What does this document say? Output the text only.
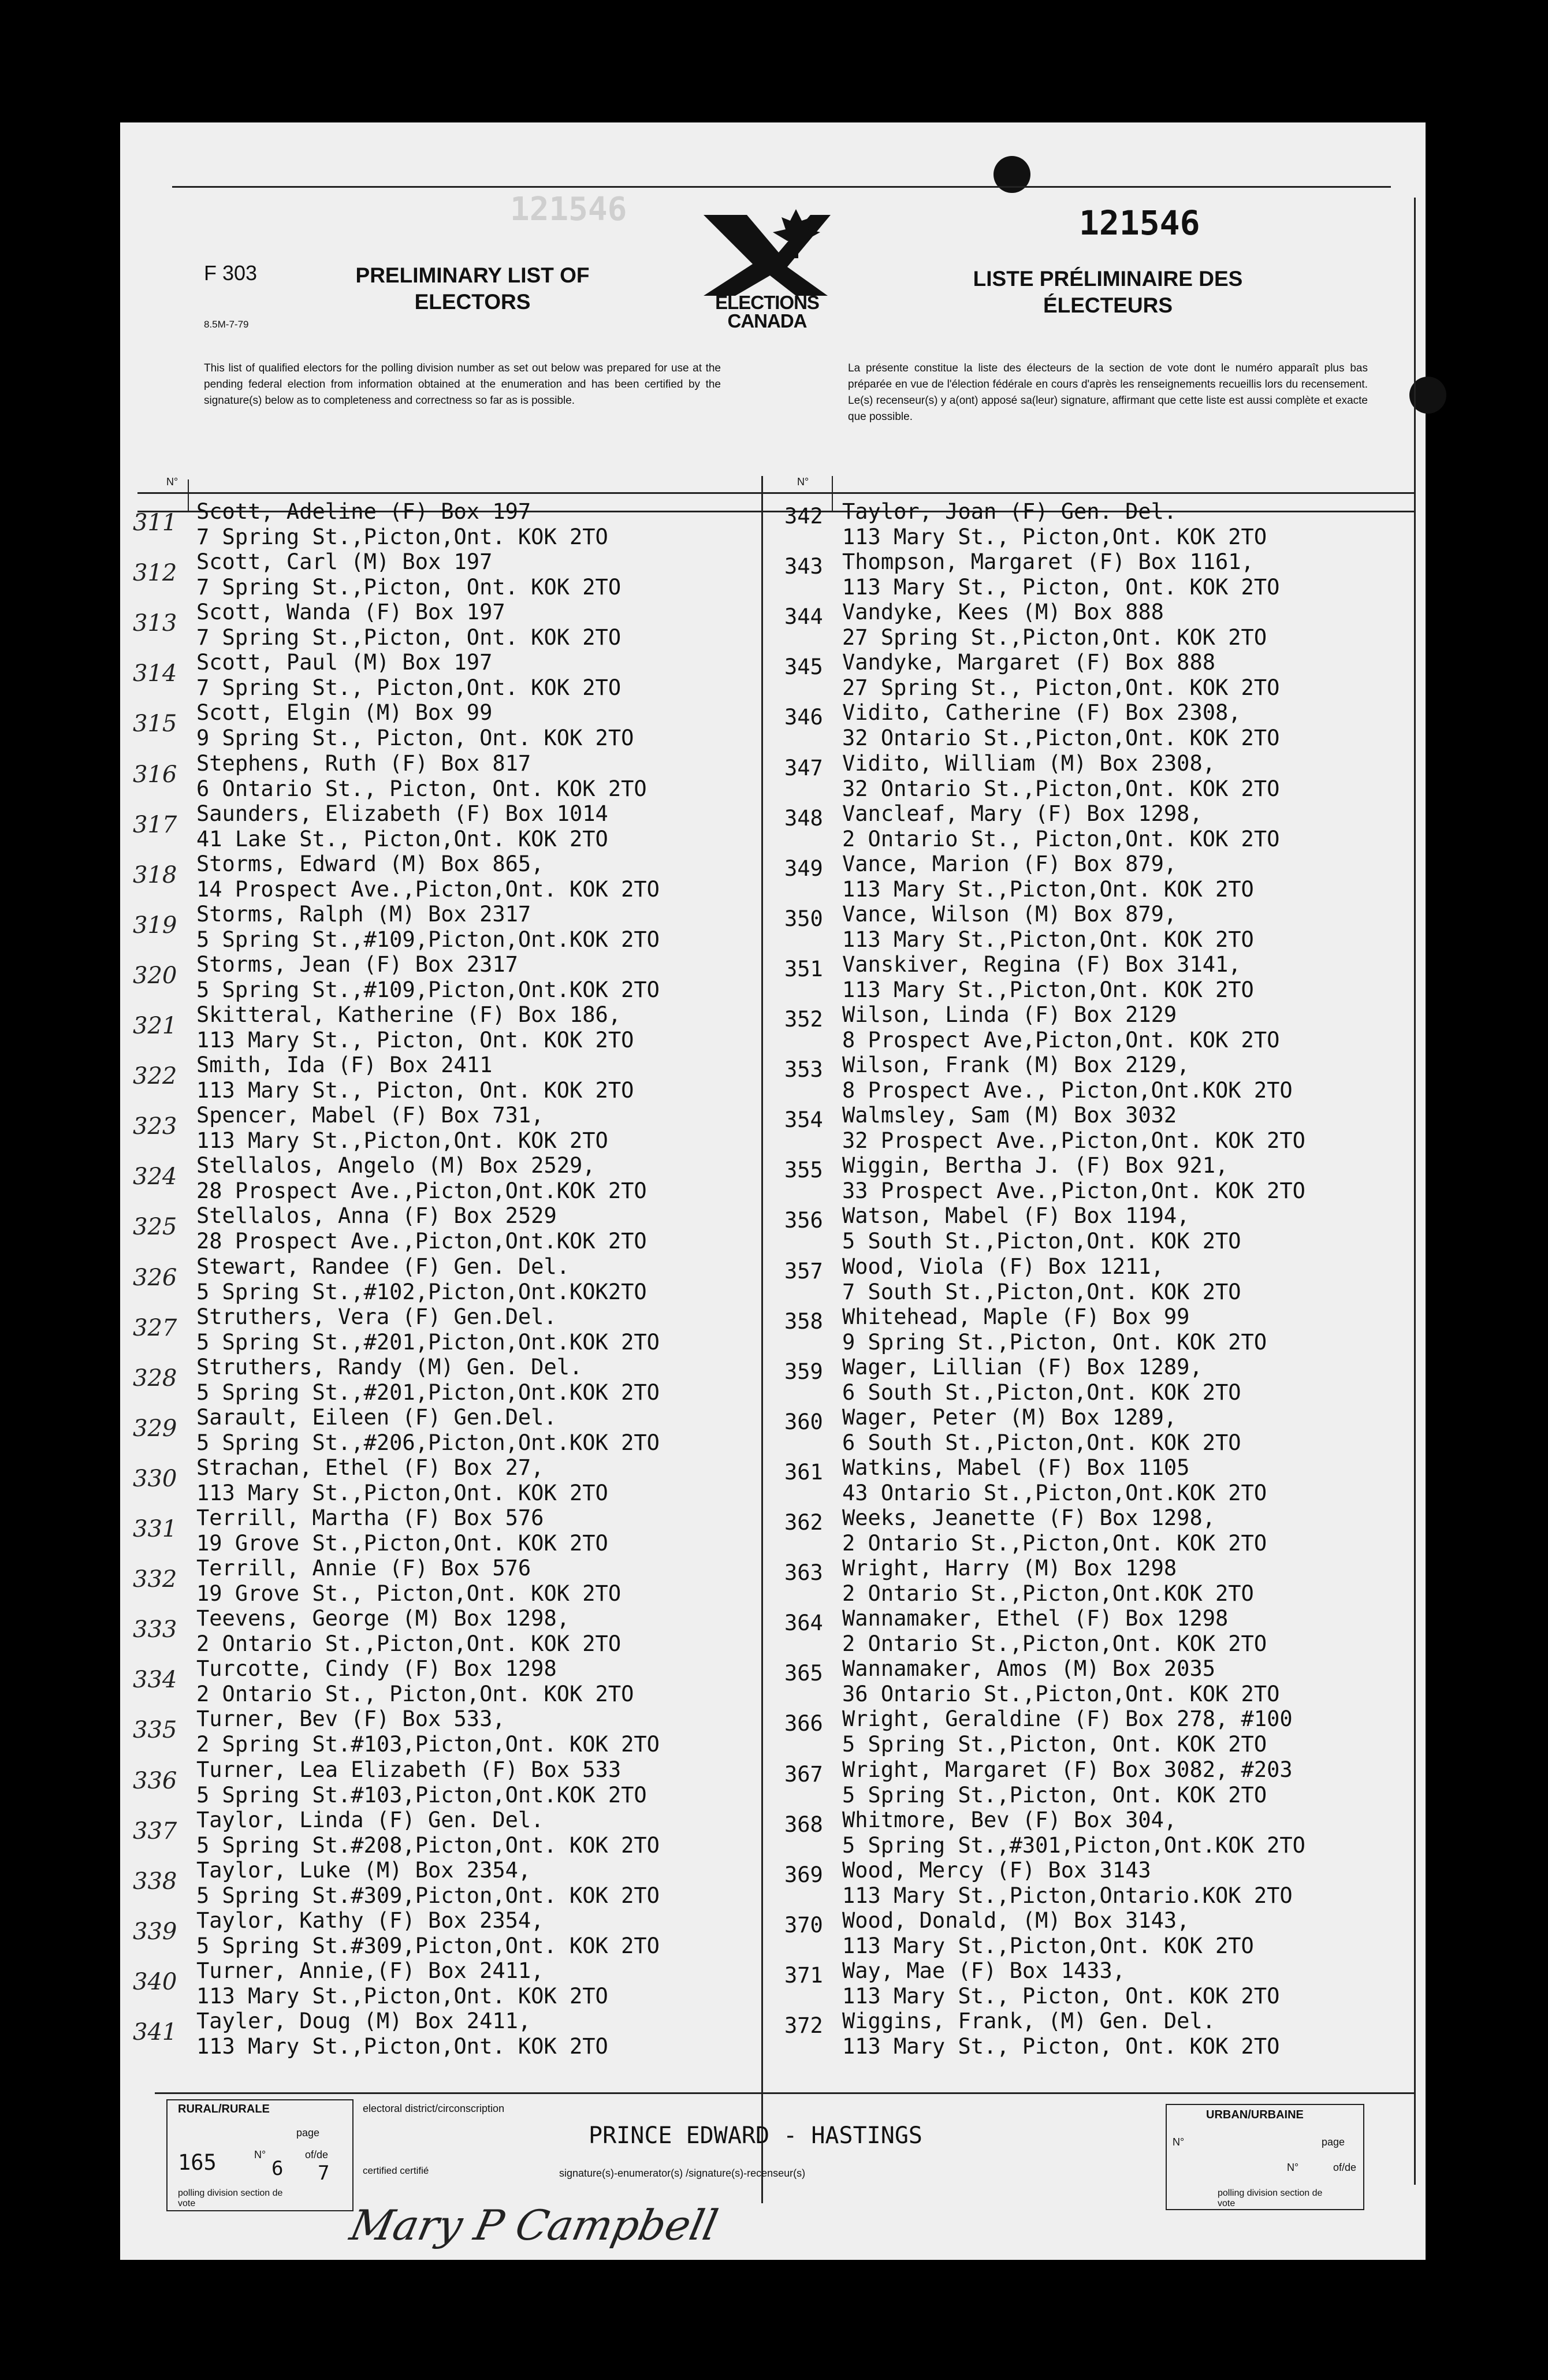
121546	121546
F 303
8.5M-7-79
PRELIMINARY LIST OF ELECTORS
LISTE PRÉLIMINAIRE DES ÉLECTEURS
ELECTIONS
CANADA
This list of qualified electors for the polling division number as set out below was prepared for use at the pending federal election from information obtained at the enumeration and has been certified by the signature(s) below as to completeness and correctness so far as is possible.
La présente constitue la liste des électeurs de la section de vote dont le numéro apparaît plus bas préparée en vue de l'élection fédérale en cours d'après les renseignements recueillis lors du recensement. Le(s) recenseur(s) y a(ont) apposé sa(leur) signature, affirmant que cette liste est aussi complète et exacte que possible.
N°	N°
311 Scott, Adeline (F) Box 197
7 Spring St.,Picton,Ont. KOK 2TO
312 Scott, Carl (M) Box 197
7 Spring St.,Picton, Ont. KOK 2TO
313 Scott, Wanda (F) Box 197
7 Spring St.,Picton, Ont. KOK 2TO
314 Scott, Paul (M) Box 197
7 Spring St., Picton,Ont. KOK 2TO
315 Scott, Elgin (M) Box 99
9 Spring St., Picton, Ont. KOK 2TO
316 Stephens, Ruth (F) Box 817
6 Ontario St., Picton, Ont. KOK 2TO
317 Saunders, Elizabeth (F) Box 1014
41 Lake St., Picton,Ont. KOK 2TO
318 Storms, Edward (M) Box 865,
14 Prospect Ave.,Picton,Ont. KOK 2TO
319 Storms, Ralph (M) Box 2317
5 Spring St.,#109,Picton,Ont.KOK 2TO
320 Storms, Jean (F) Box 2317
5 Spring St.,#109,Picton,Ont.KOK 2TO
321 Skitteral, Katherine (F) Box 186,
113 Mary St., Picton, Ont. KOK 2TO
322 Smith, Ida (F) Box 2411
113 Mary St., Picton, Ont. KOK 2TO
323 Spencer, Mabel (F) Box 731,
113 Mary St.,Picton,Ont. KOK 2TO
324 Stellalos, Angelo (M) Box 2529,
28 Prospect Ave.,Picton,Ont.KOK 2TO
325 Stellalos, Anna (F) Box 2529
28 Prospect Ave.,Picton,Ont.KOK 2TO
326 Stewart, Randee (F) Gen. Del.
5 Spring St.,#102,Picton,Ont.KOK2TO
327 Struthers, Vera (F) Gen.Del.
5 Spring St.,#201,Picton,Ont.KOK 2TO
328 Struthers, Randy (M) Gen. Del.
5 Spring St.,#201,Picton,Ont.KOK 2TO
329 Sarault, Eileen (F) Gen.Del.
5 Spring St.,#206,Picton,Ont.KOK 2TO
330 Strachan, Ethel (F) Box 27,
113 Mary St.,Picton,Ont. KOK 2TO
331 Terrill, Martha (F) Box 576
19 Grove St.,Picton,Ont. KOK 2TO
332 Terrill, Annie (F) Box 576
19 Grove St., Picton,Ont. KOK 2TO
333 Teevens, George (M) Box 1298,
2 Ontario St.,Picton,Ont. KOK 2TO
334 Turcotte, Cindy (F) Box 1298
2 Ontario St., Picton,Ont. KOK 2TO
335 Turner, Bev (F) Box 533,
2 Spring St.#103,Picton,Ont. KOK 2TO
336 Turner, Lea Elizabeth (F) Box 533
5 Spring St.#103,Picton,Ont.KOK 2TO
337 Taylor, Linda (F) Gen. Del.
5 Spring St.#208,Picton,Ont. KOK 2TO
338 Taylor, Luke (M) Box 2354,
5 Spring St.#309,Picton,Ont. KOK 2TO
339 Taylor, Kathy (F) Box 2354,
5 Spring St.#309,Picton,Ont. KOK 2TO
340 Turner, Annie,(F) Box 2411,
113 Mary St.,Picton,Ont. KOK 2TO
341 Tayler, Doug (M) Box 2411,
113 Mary St.,Picton,Ont. KOK 2TO
342 Taylor, Joan (F) Gen. Del.
113 Mary St., Picton,Ont. KOK 2TO
343 Thompson, Margaret (F) Box 1161,
113 Mary St., Picton, Ont. KOK 2TO
344 Vandyke, Kees (M) Box 888
27 Spring St.,Picton,Ont. KOK 2TO
345 Vandyke, Margaret (F) Box 888
27 Spring St., Picton,Ont. KOK 2TO
346 Vidito, Catherine (F) Box 2308,
32 Ontario St.,Picton,Ont. KOK 2TO
347 Vidito, William (M) Box 2308,
32 Ontario St.,Picton,Ont. KOK 2TO
348 Vancleaf, Mary (F) Box 1298,
2 Ontario St., Picton,Ont. KOK 2TO
349 Vance, Marion (F) Box 879,
113 Mary St.,Picton,Ont. KOK 2TO
350 Vance, Wilson (M) Box 879,
113 Mary St.,Picton,Ont. KOK 2TO
351 Vanskiver, Regina (F) Box 3141,
113 Mary St.,Picton,Ont. KOK 2TO
352 Wilson, Linda (F) Box 2129
8 Prospect Ave,Picton,Ont. KOK 2TO
353 Wilson, Frank (M) Box 2129,
8 Prospect Ave., Picton,Ont.KOK 2TO
354 Walmsley, Sam (M) Box 3032
32 Prospect Ave.,Picton,Ont. KOK 2TO
355 Wiggin, Bertha J. (F) Box 921,
33 Prospect Ave.,Picton,Ont. KOK 2TO
356 Watson, Mabel (F) Box 1194,
5 South St.,Picton,Ont. KOK 2TO
357 Wood, Viola (F) Box 1211,
7 South St.,Picton,Ont. KOK 2TO
358 Whitehead, Maple (F) Box 99
9 Spring St.,Picton, Ont. KOK 2TO
359 Wager, Lillian (F) Box 1289,
6 South St.,Picton,Ont. KOK 2TO
360 Wager, Peter (M) Box 1289,
6 South St.,Picton,Ont. KOK 2TO
361 Watkins, Mabel (F) Box 1105
43 Ontario St.,Picton,Ont.KOK 2TO
362 Weeks, Jeanette (F) Box 1298,
2 Ontario St.,Picton,Ont. KOK 2TO
363 Wright, Harry (M) Box 1298
2 Ontario St.,Picton,Ont.KOK 2TO
364 Wannamaker, Ethel (F) Box 1298
2 Ontario St.,Picton,Ont. KOK 2TO
365 Wannamaker, Amos (M) Box 2035
36 Ontario St.,Picton,Ont. KOK 2TO
366 Wright, Geraldine (F) Box 278, #100
5 Spring St.,Picton, Ont. KOK 2TO
367 Wright, Margaret (F) Box 3082, #203
5 Spring St.,Picton, Ont. KOK 2TO
368 Whitmore, Bev (F) Box 304,
5 Spring St.,#301,Picton,Ont.KOK 2TO
369 Wood, Mercy (F) Box 3143
113 Mary St.,Picton,Ontario.KOK 2TO
370 Wood, Donald, (M) Box 3143,
113 Mary St.,Picton,Ont. KOK 2TO
371 Way, Mae (F) Box 1433,
113 Mary St., Picton, Ont. KOK 2TO
372 Wiggins, Frank, (M) Gen. Del.
113 Mary St., Picton, Ont. KOK 2TO
RURAL/RURALE
page
165	N°
6
of/de
7
polling division section de vote
electoral district/circonscription
PRINCE EDWARD - HASTINGS
certified certifié	signature(s)-enumerator(s) /signature(s)-recenseur(s)
Mary P Campbell
URBAN/URBAINE
N°	page
N°	of/de
polling division section de vote
